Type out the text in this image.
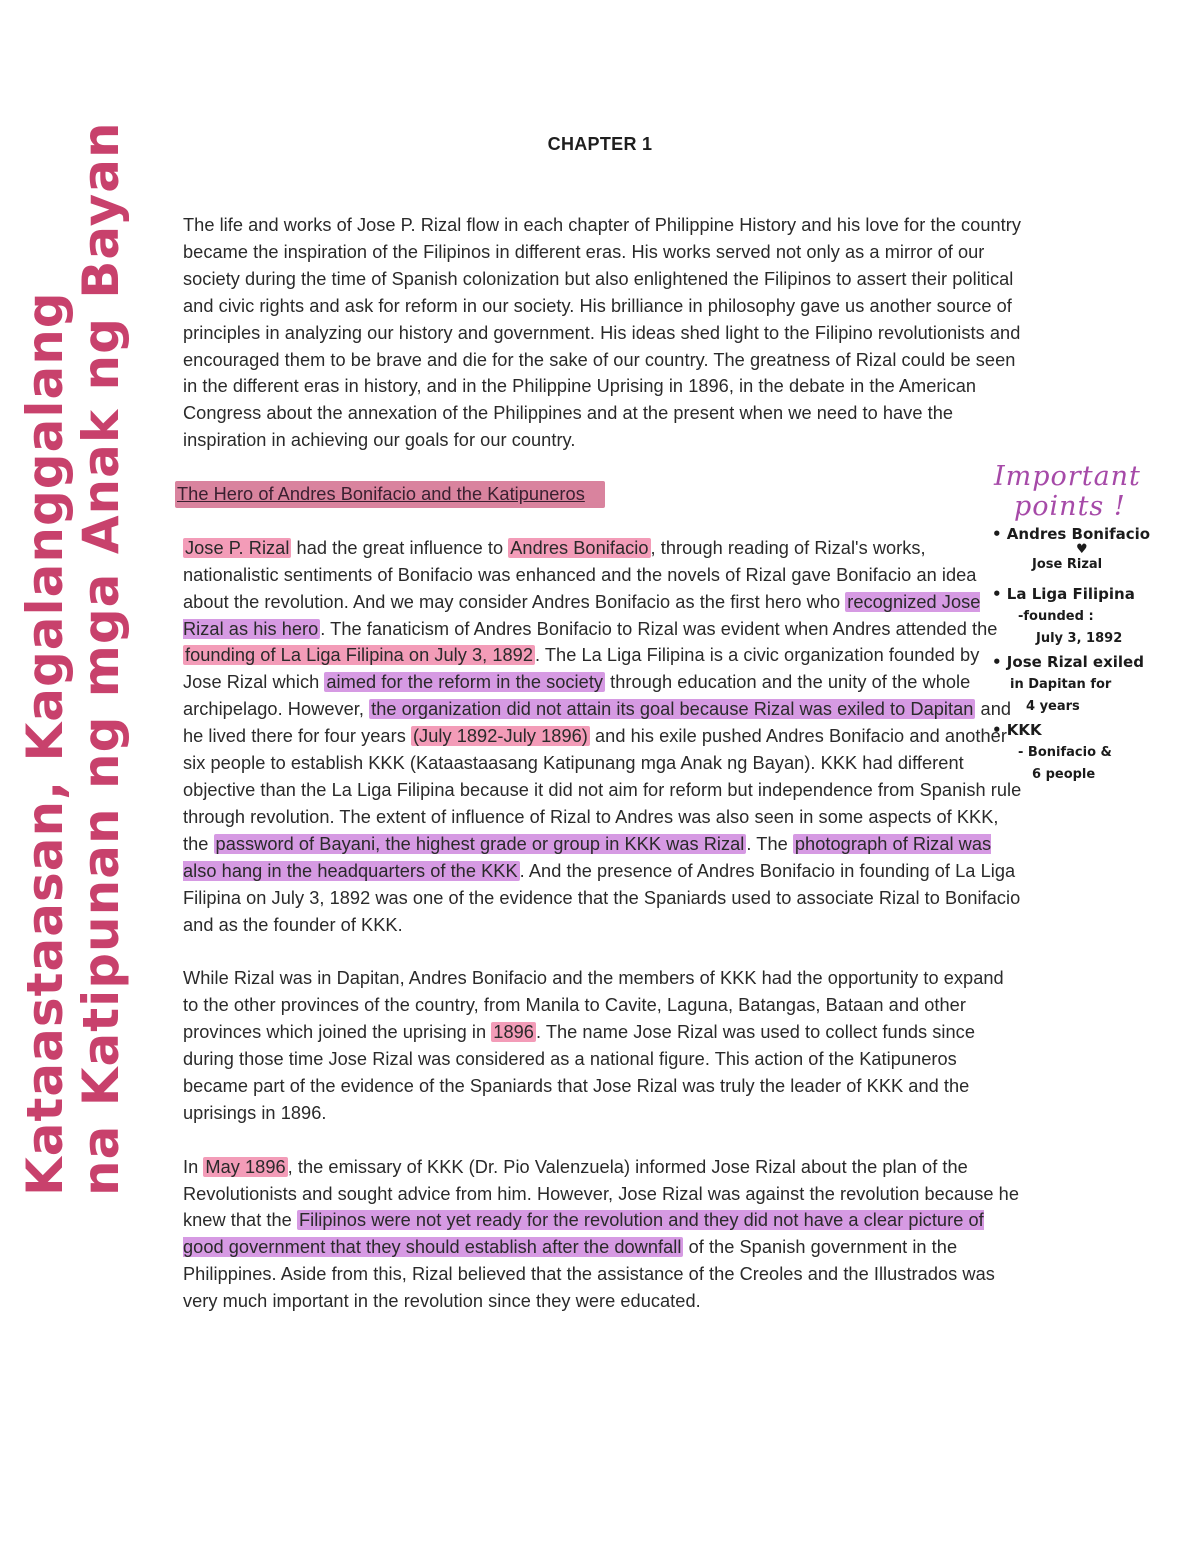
CHAPTER 1

The life and works of Jose P. Rizal flow in each chapter of Philippine History and his love for the country became the inspiration of the Filipinos in different eras. His works served not only as a mirror of our society during the time of Spanish colonization but also enlightened the Filipinos to assert their political and civic rights and ask for reform in our society. His brilliance in philosophy gave us another source of principles in analyzing our history and government. His ideas shed light to the Filipino revolutionists and encouraged them to be brave and die for the sake of our country. The greatness of Rizal could be seen in the different eras in history, and in the Philippine Uprising in 1896, in the debate in the American Congress about the annexation of the Philippines and at the present when we need to have the inspiration in achieving our goals for our country.

The Hero of Andres Bonifacio and the Katipuneros

Jose P. Rizal had the great influence to Andres Bonifacio , through reading of Rizal's works, nationalistic sentiments of Bonifacio was enhanced and the novels of Rizal gave Bonifacio an idea about the revolution. And we may consider Andres Bonifacio as the first hero who recognized Jose Rizal as his hero . The fanaticism of Andres Bonifacio to Rizal was evident when Andres attended the founding of La Liga Filipina on July 3, 1892 . The La Liga Filipina is a civic organization founded by Jose Rizal which aimed for the reform in the society through education and the unity of the whole archipelago. However, the organization did not attain its goal because Rizal was exiled to Dapitan and he lived there for four years (July 1892-July 1896) and his exile pushed Andres Bonifacio and another six people to establish KKK (Kataastaasang Katipunang mga Anak ng Bayan). KKK had different objective than the La Liga Filipina because it did not aim for reform but independence from Spanish rule through revolution. The extent of influence of Rizal to Andres was also seen in some aspects of KKK, the password of Bayani, the highest grade or group in KKK was Rizal . The photograph of Rizal was also hang in the headquarters of the KKK . And the presence of Andres Bonifacio in founding of La Liga Filipina on July 3, 1892 was one of the evidence that the Spaniards used to associate Rizal to Bonifacio and as the founder of KKK.

While Rizal was in Dapitan, Andres Bonifacio and the members of KKK had the opportunity to expand to the other provinces of the country, from Manila to Cavite, Laguna, Batangas, Bataan and other provinces which joined the uprising in 1896 . The name Jose Rizal was used to collect funds since during those time Jose Rizal was considered as a national figure. This action of the Katipuneros became part of the evidence of the Spaniards that Jose Rizal was truly the leader of KKK and the uprisings in 1896.

In May 1896 , the emissary of KKK (Dr. Pio Valenzuela) informed Jose Rizal about the plan of the Revolutionists and sought advice from him. However, Jose Rizal was against the revolution because he knew that the Filipinos were not yet ready for the revolution and they did not have a clear picture of good government that they should establish after the downfall of the Spanish government in the Philippines. Aside from this, Rizal believed that the assistance of the Creoles and the Illustrados was very much important in the revolution since they were educated.

Kataastaasan, Kagalanggalang
na Katipunan ng mga Anak ng Bayan	Important
points !
• Andres Bonifacio
♥
Jose Rizal
• La Liga Filipina
-founded :
July 3, 1892
• Jose Rizal exiled
in Dapitan for
4 years
• KKK
- Bonifacio &
6 people
